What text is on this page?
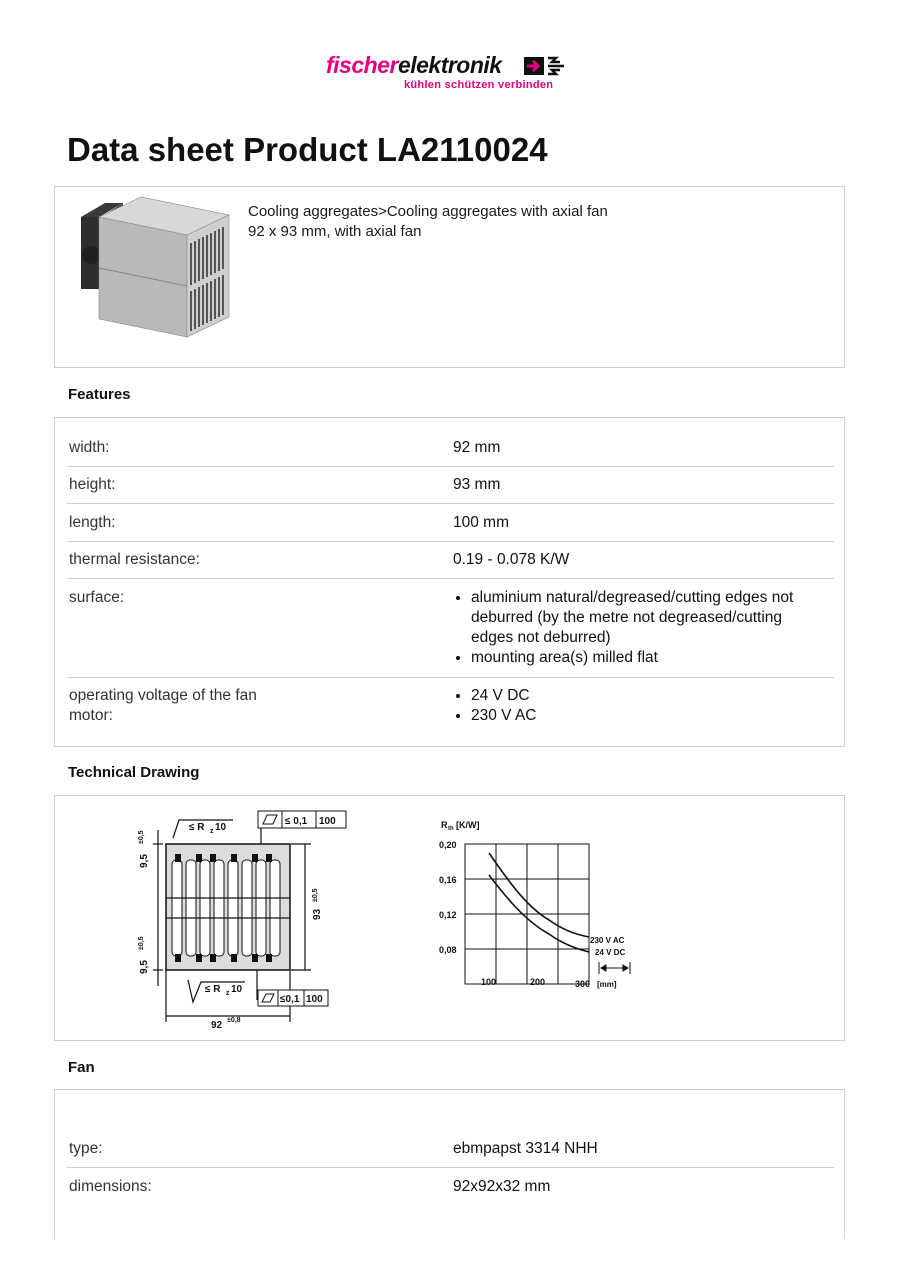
fischerelektronik
kühlen schützen verbinden
Data sheet Product LA2110024
Cooling aggregates>Cooling aggregates with axial fan
92 x 93 mm, with axial fan
Features
width:	92 mm
height:	93 mm
length:	100 mm
thermal resistance:	0.19 - 0.078 K/W
surface:
•	aluminium natural/degreased/cutting edges not deburred (by the metre not degreased/cutting edges not deburred)
• mounting area(s) milled flat
operating voltage of the fan motor:
• 24 V DC
• 230 V AC
Technical Drawing
9,5
±0,5
9,5
±0,5
93
±0,5
92 ±0,8
≤ R z 10
≤ R z 10
≤ 0,1 100
≤0,1 100
R th [K/W]
0,20
0,16
0,12
0,08
100	200	300 [mm]
230 V AC
24 V DC
Fan
type:	ebmpapst 3314 NHH
dimensions:	92x92x32 mm
